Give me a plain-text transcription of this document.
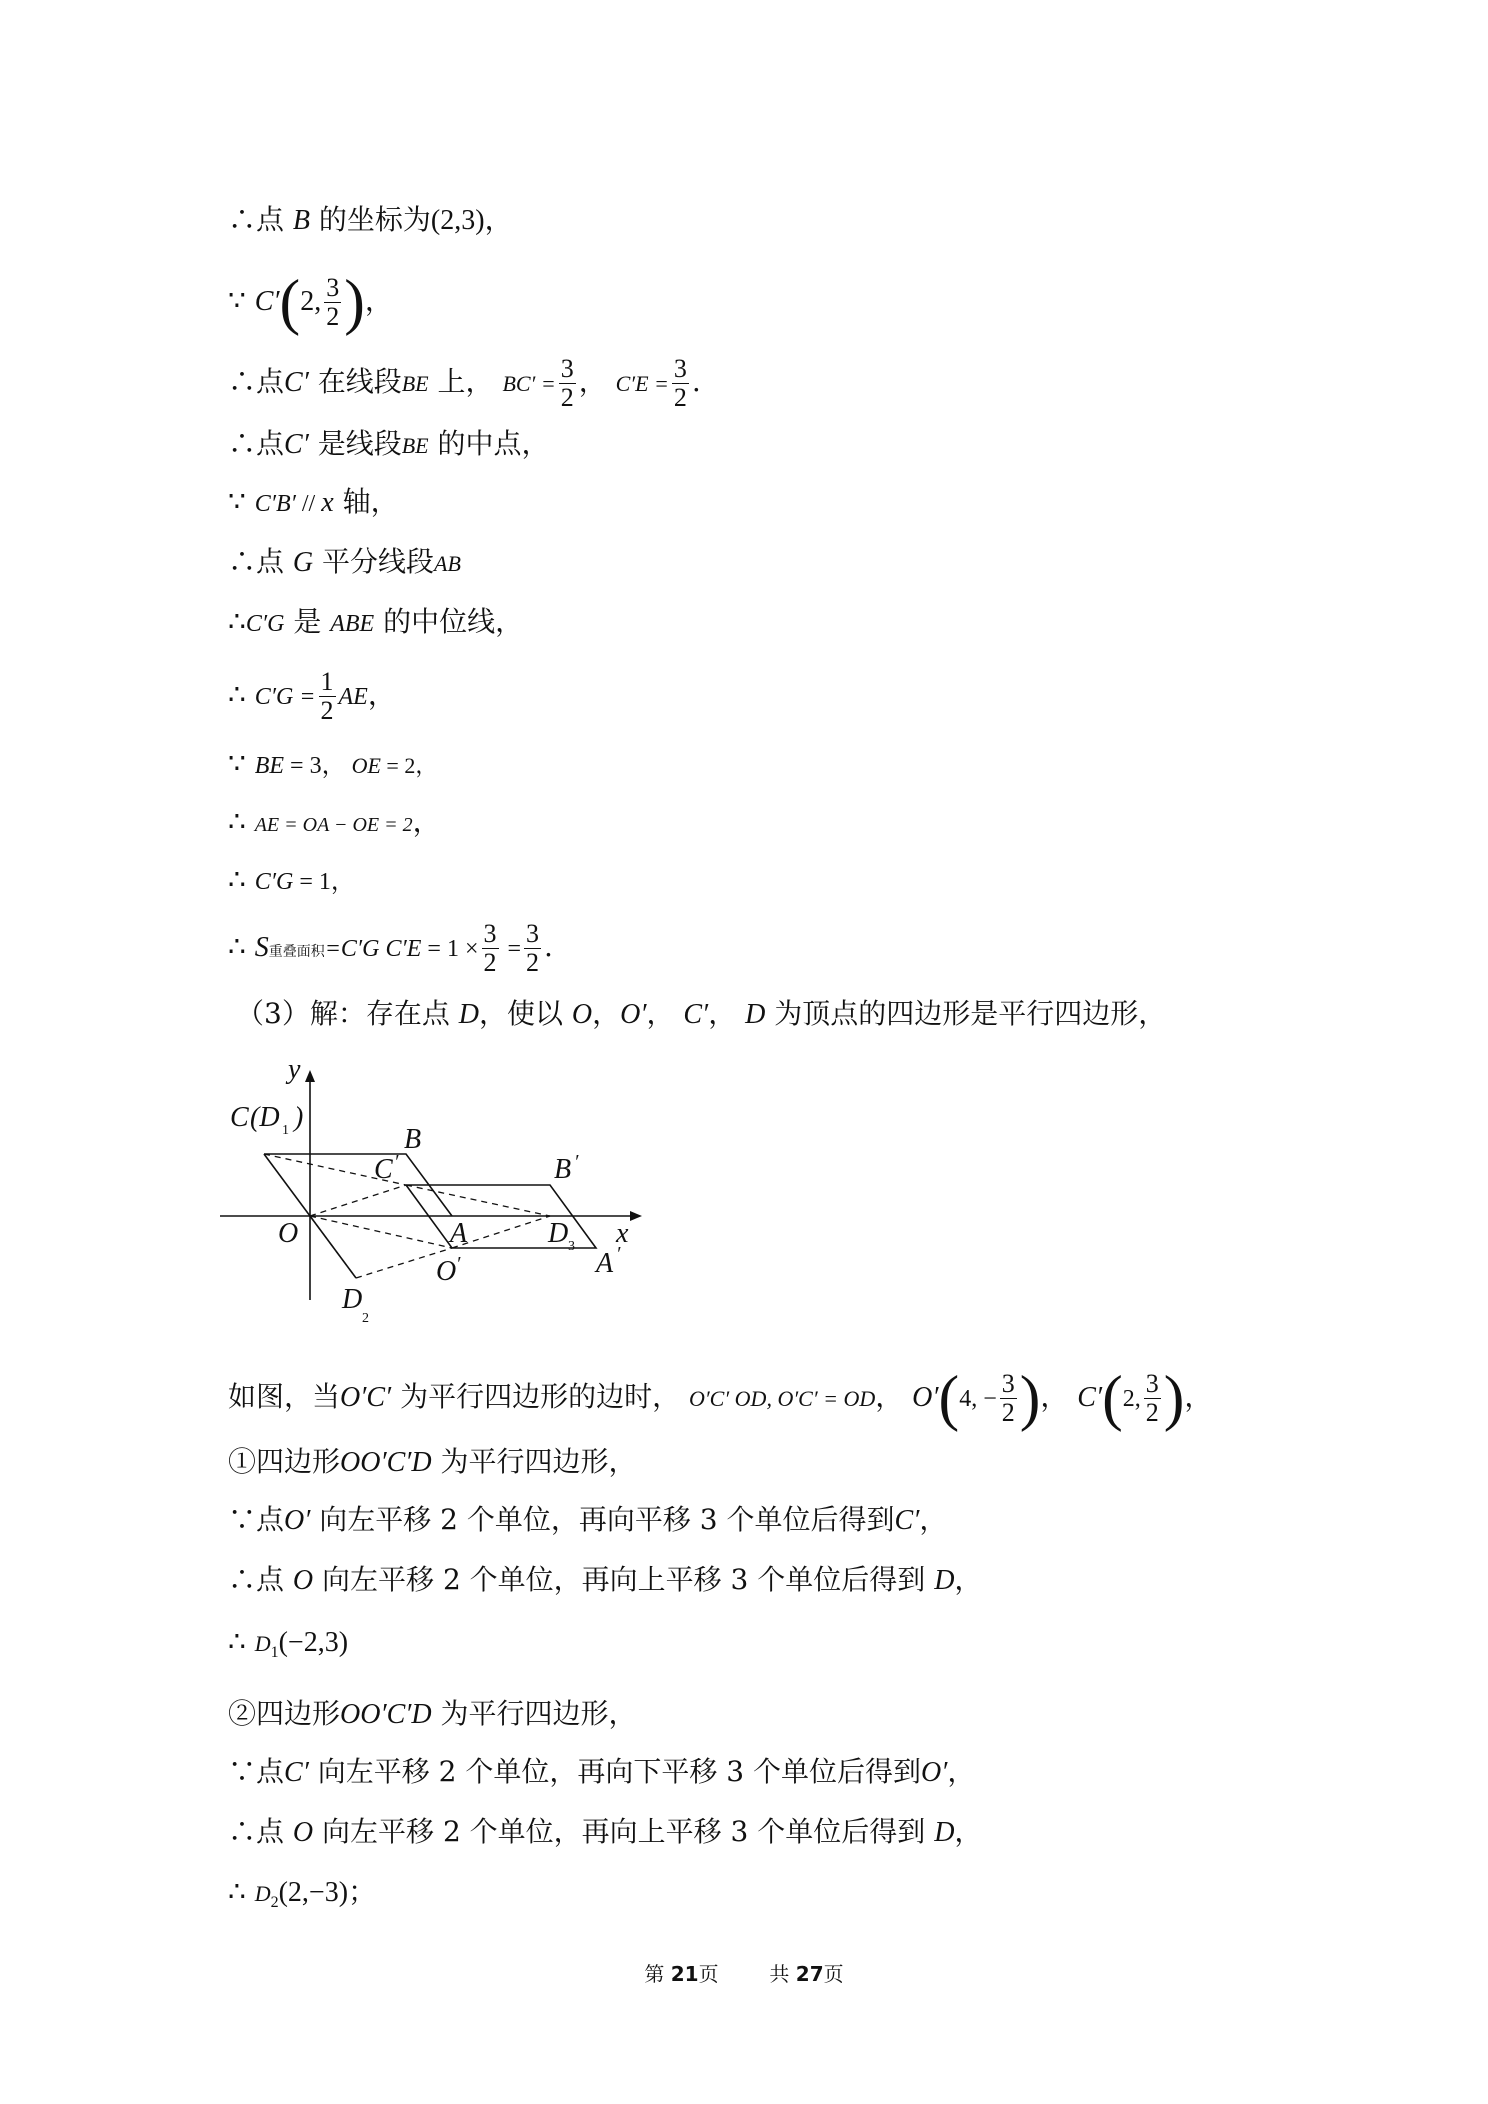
∴点 B 的坐标为(2,3)，
∵ C′(2, $\frac{3}{2}$ )，
∴点C′ 在线段BE 上， $BC' = \frac{3}{2}$ ， $C'E = \frac{3}{2}$ .
∴点C′ 是线段BE 的中点，
∵ C′B′ // x 轴，
∴点 G 平分线段AB
∴C′G 是 ABE 的中位线，
∴ $C'G = \frac{1}{2}$ AE，
∵ BE = 3， OE = 2，
∴ AE = OA − OE = 2，
∴ C′G = 1，
∴ S重叠面积=C′G $C'E = 1 \times \frac{3}{2} = \frac{3}{2}$ .
（3）解：存在点 D，使以 O，O′， C′， D 为顶点的四边形是平行四边形，
y
x
O	A
B
C (D 1 )
C ′	B ′
A ′
O ′
D
2
D 3
如图，当O′C′ 为平行四边形的边时， O′C′ OD, O′C′ = OD， O′(4, − $\frac{3}{2}$ )， C′(2, $\frac{3}{2}$ )，
①四边形OO′C′D 为平行四边形，
∵点O′ 向左平移 2 个单位，再向平移 3 个单位后得到C′，
∴点 O 向左平移 2 个单位，再向上平移 3 个单位后得到 D，
∴ $D_1(-2,3)$
②四边形OO′C′D 为平行四边形，
∵点C′ 向左平移 2 个单位，再向下平移 3 个单位后得到O′，
∴点 O 向左平移 2 个单位，再向上平移 3 个单位后得到 D，
∴ $D_2(2,-3)$；
第 21页        共 27页
